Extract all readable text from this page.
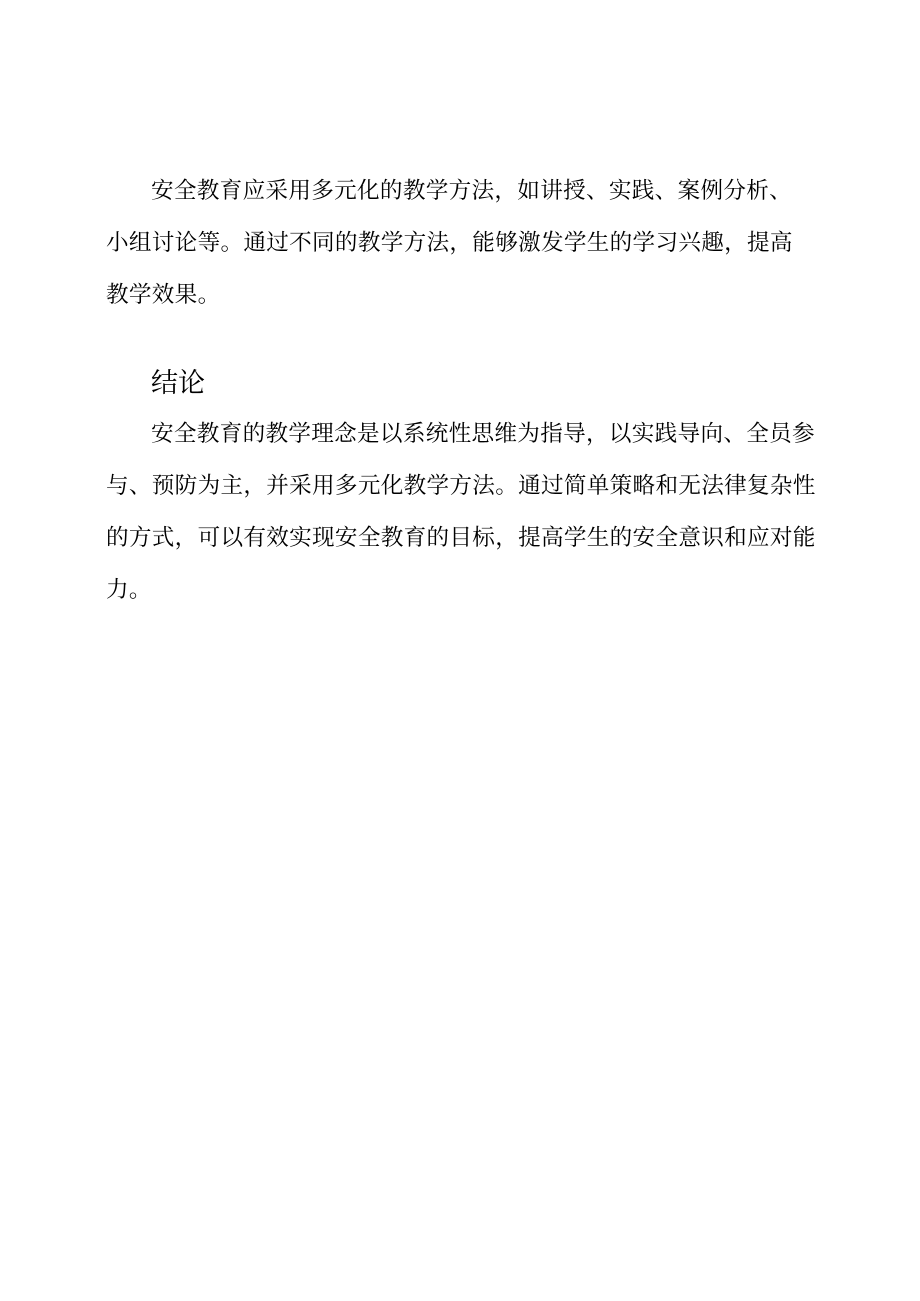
安全教育应采用多元化的教学方法，如讲授、实践、案例分析、小组讨论等。通过不同的教学方法，能够激发学生的学习兴趣，提高教学效果。

结论

安全教育的教学理念是以系统性思维为指导，以实践导向、全员参与、预防为主，并采用多元化教学方法。通过简单策略和无法律复杂性的方式，可以有效实现安全教育的目标，提高学生的安全意识和应对能力。
